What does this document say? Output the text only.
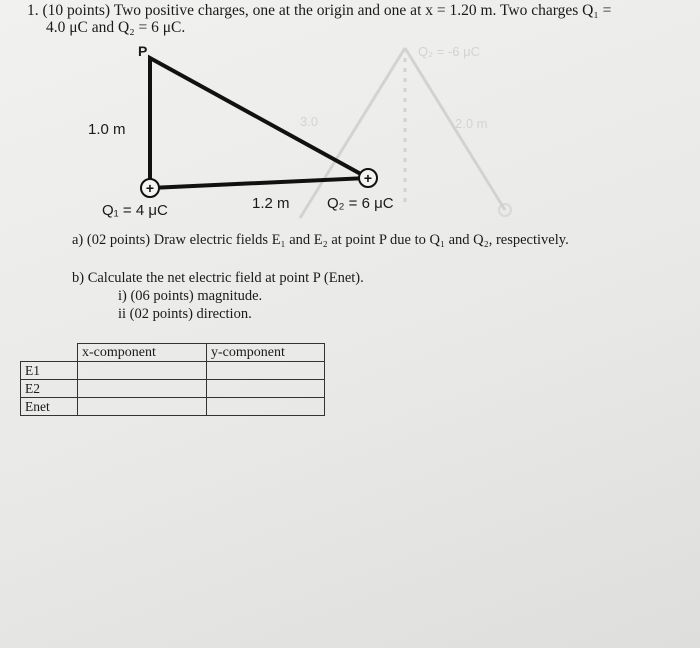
Q₂ = -6 μC
3.0	2.0 m
1. (10 points) Two positive charges, one at the origin and one at x = 1.20 m. Two charges Q₁ =
4.0 μC and Q₂ = 6 μC.
+
+
P
1.0 m
1.2 m
Q₁ = 4 μC	Q₂ = 6 μC
a) (02 points) Draw electric fields E₁ and E₂ at point P due to Q₁ and Q₂, respectively.
b) Calculate the net electric field at point P (Enet).
i) (06 points) magnitude.
ii (02 points) direction.
	x-component	y-component
E1		
E2		
Enet		
